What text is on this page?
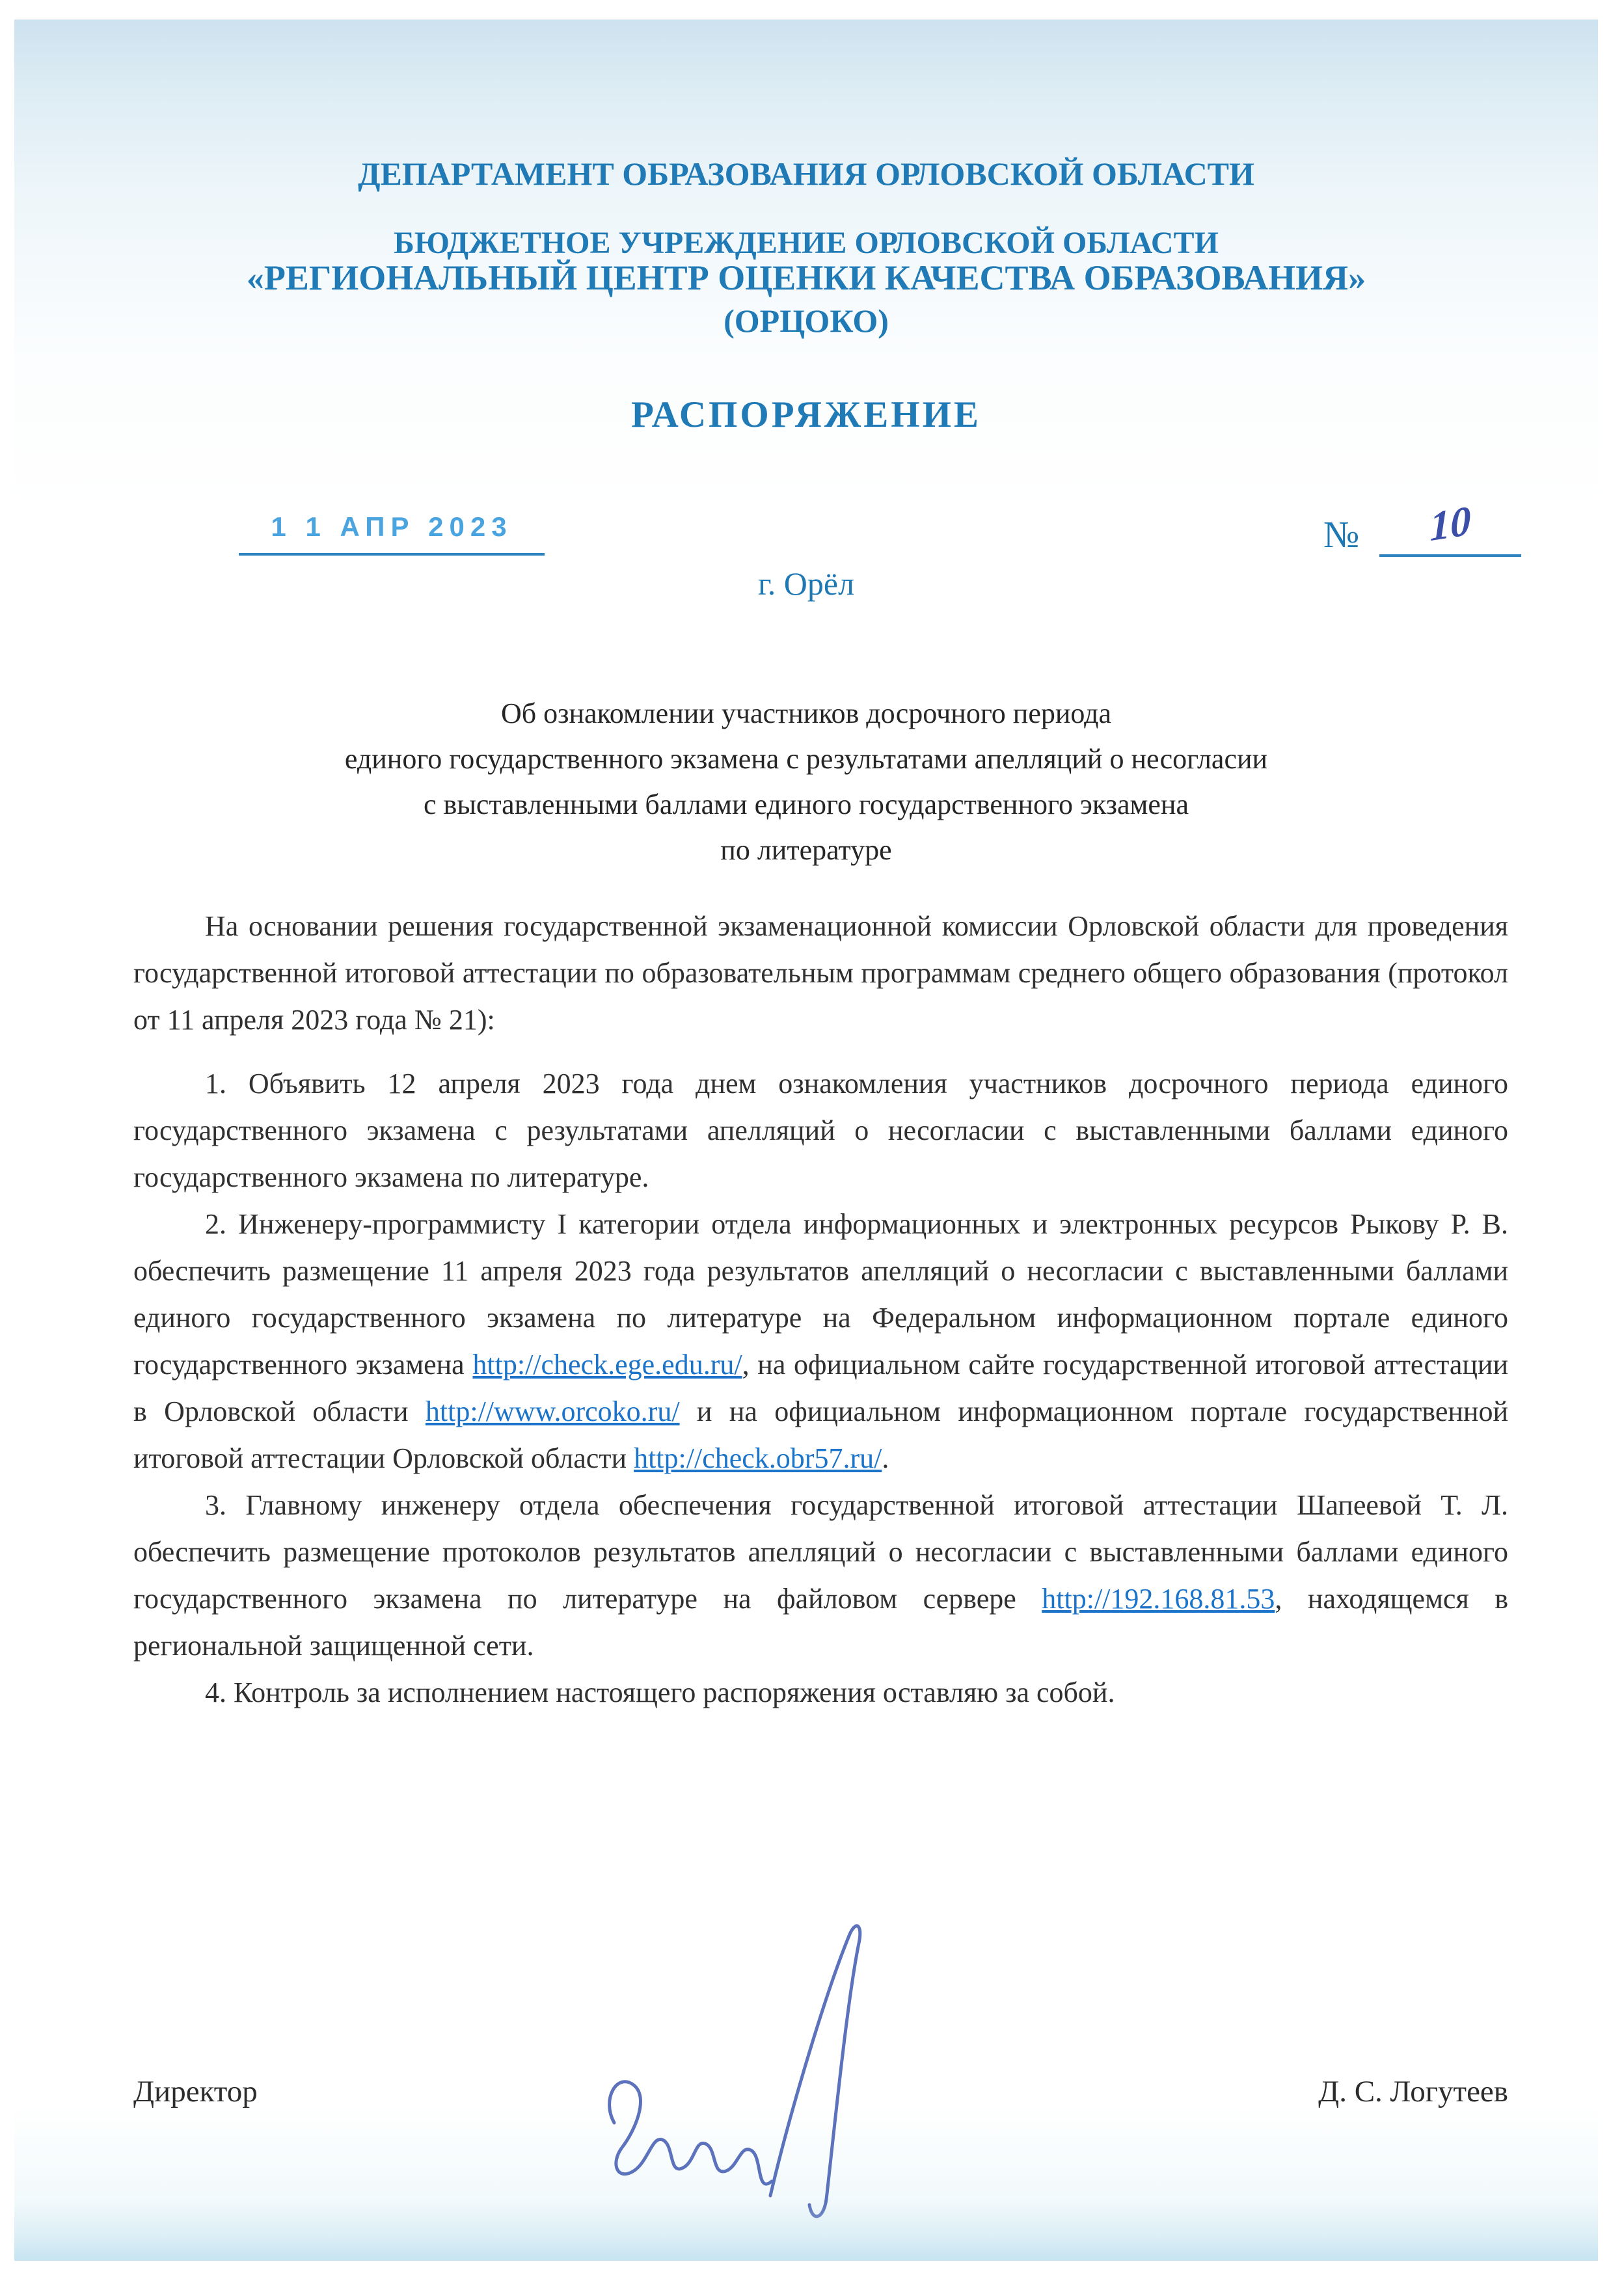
ДЕПАРТАМЕНТ ОБРАЗОВАНИЯ ОРЛОВСКОЙ ОБЛАСТИ
БЮДЖЕТНОЕ УЧРЕЖДЕНИЕ ОРЛОВСКОЙ ОБЛАСТИ
«РЕГИОНАЛЬНЫЙ ЦЕНТР ОЦЕНКИ КАЧЕСТВА ОБРАЗОВАНИЯ»
(ОРЦОКО)
РАСПОРЯЖЕНИЕ
1 1 АПР 2023	№	10
г. Орёл
Об ознакомлении участников досрочного периода
единого государственного экзамена с результатами апелляций о несогласии
с выставленными баллами единого государственного экзамена
по литературе

На основании решения государственной экзаменационной комиссии Орловской области для проведения государственной итоговой аттестации по образовательным программам среднего общего образования (протокол от 11 апреля 2023 года № 21):

1. Объявить 12 апреля 2023 года днем ознакомления участников досрочного периода единого государственного экзамена с результатами апелляций о несогласии с выставленными баллами единого государственного экзамена по литературе.

2. Инженеру-программисту I категории отдела информационных и электронных ресурсов Рыкову Р. В. обеспечить размещение 11 апреля 2023 года результатов апелляций о несогласии с выставленными баллами единого государственного экзамена по литературе на Федеральном информационном портале единого государственного экзамена http://check.ege.edu.ru/, на официальном сайте государственной итоговой аттестации в Орловской области http://www.orcoko.ru/ и на официальном информационном портале государственной итоговой аттестации Орловской области http://check.obr57.ru/.

3. Главному инженеру отдела обеспечения государственной итоговой аттестации Шапеевой Т. Л. обеспечить размещение протоколов результатов апелляций о несогласии с выставленными баллами единого государственного экзамена по литературе на файловом сервере http://192.168.81.53, находящемся в региональной защищенной сети.

4. Контроль за исполнением настоящего распоряжения оставляю за собой.

Директор	Д. С. Логутеев
